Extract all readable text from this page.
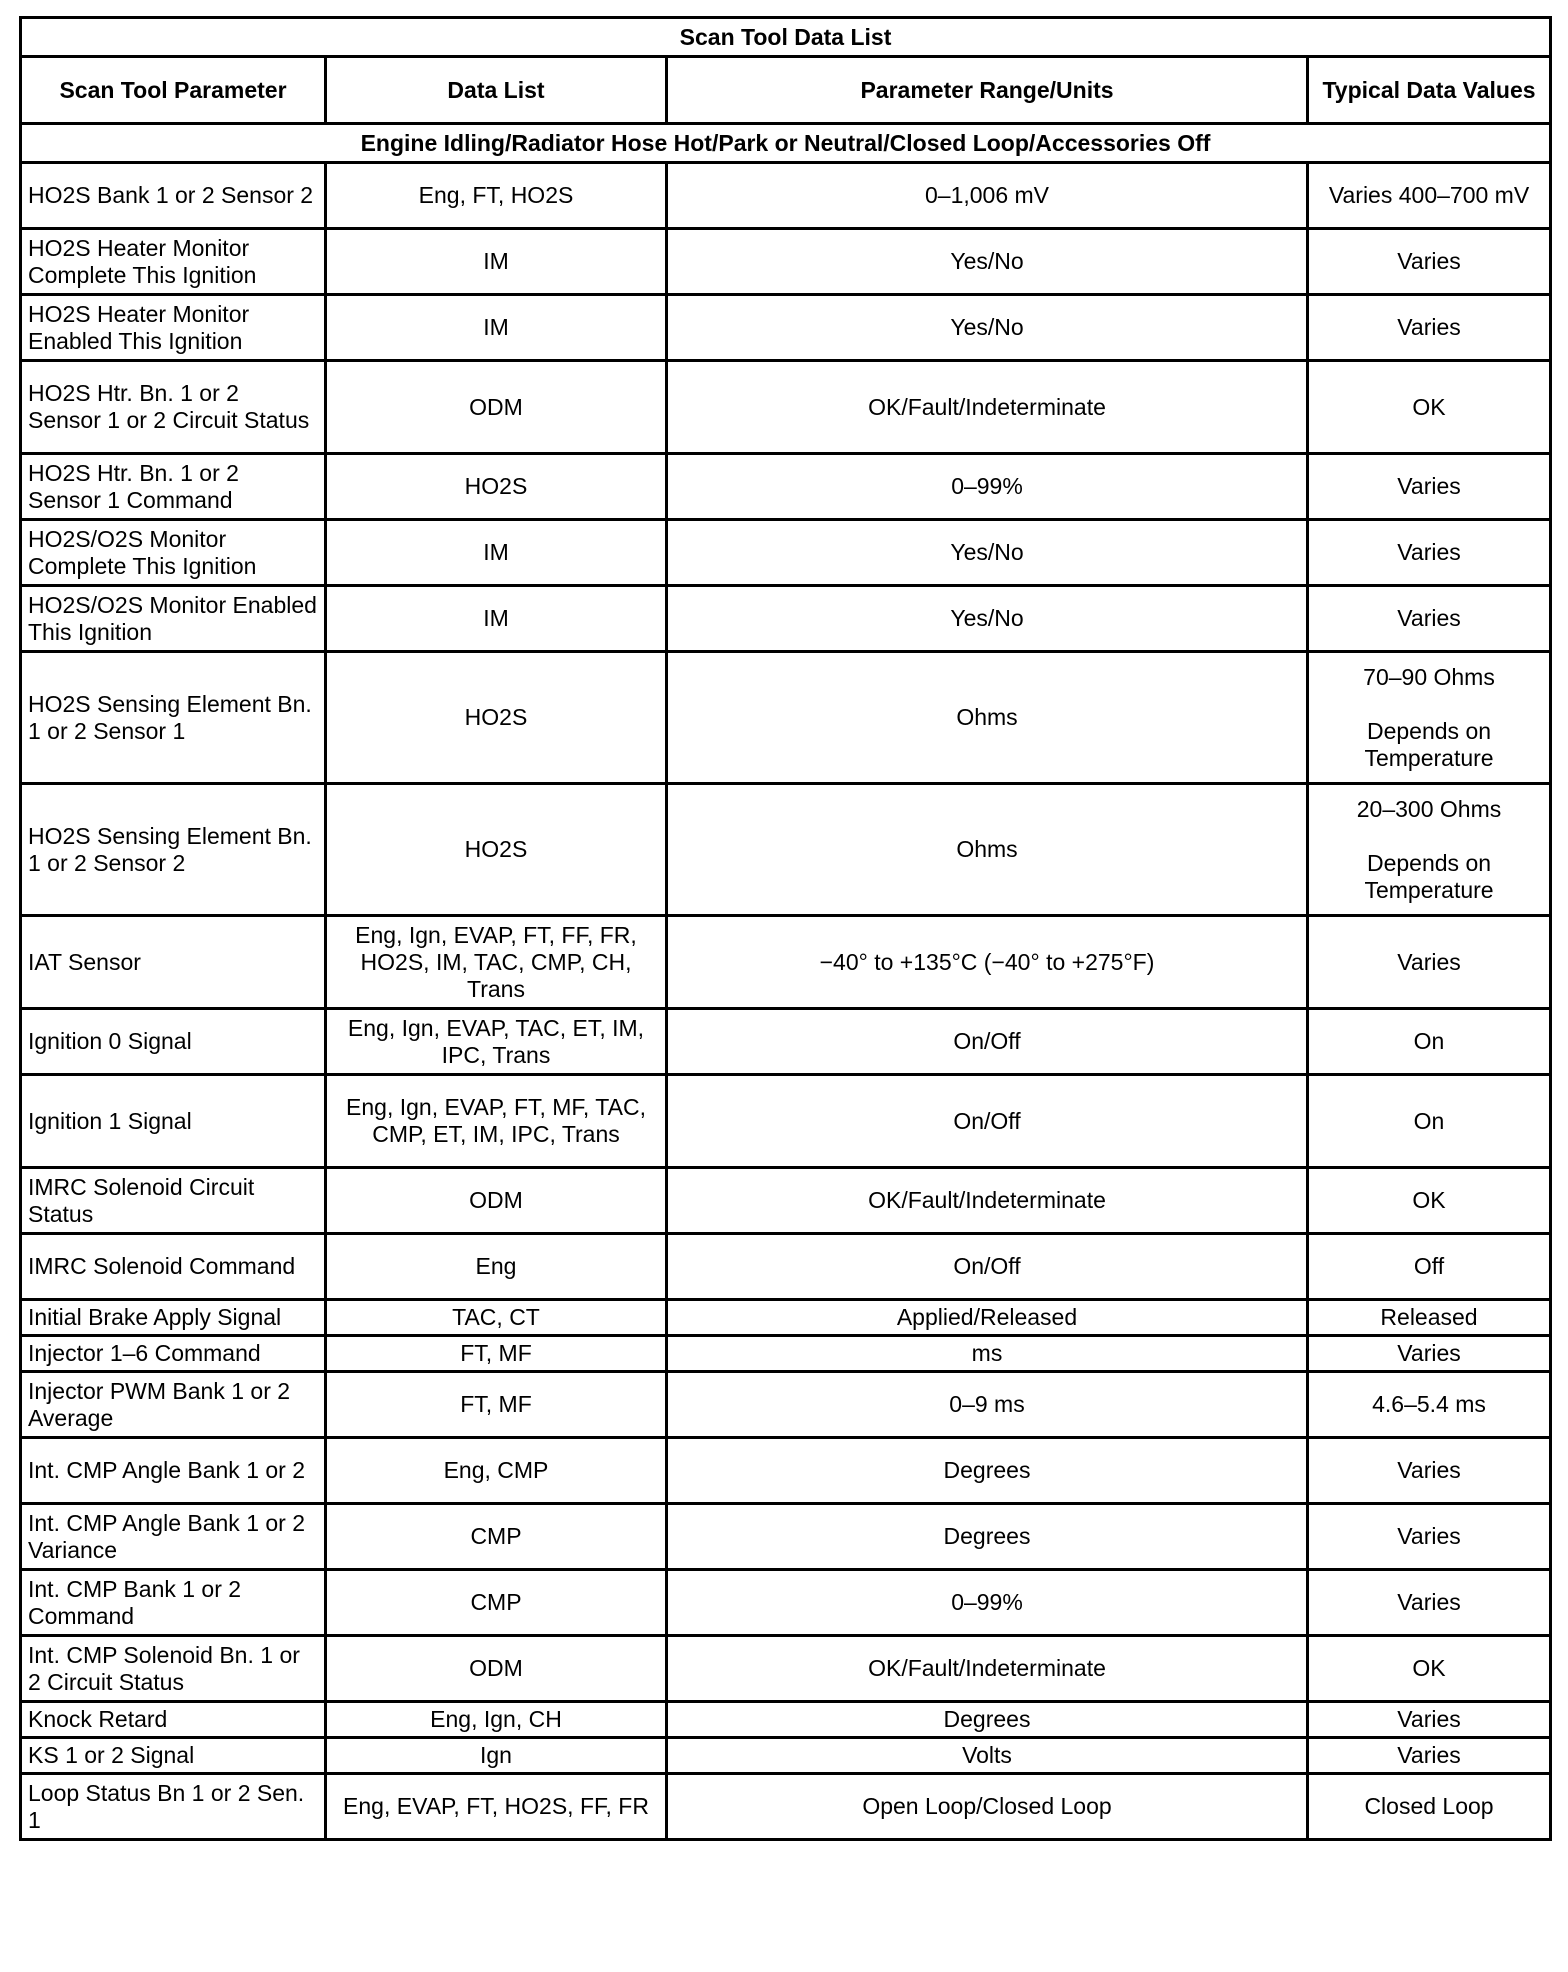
Scan Tool Data List			
Scan Tool Parameter	Data List	Parameter Range/Units	Typical Data Values
Engine Idling/Radiator Hose Hot/Park or Neutral/Closed Loop/Accessories Off			
HO2S Bank 1 or 2 Sensor 2	Eng, FT, HO2S	0–1,006 mV	Varies 400–700 mV

HO2S Heater Monitor Complete This Ignition	IM	Yes/No	Varies

HO2S Heater Monitor Enabled This Ignition	IM	Yes/No	Varies

HO2S Htr. Bn. 1 or 2 Sensor 1 or 2 Circuit Status	ODM	OK/Fault/Indeterminate	OK

HO2S Htr. Bn. 1 or 2 Sensor 1 Command	HO2S	0–99%	Varies

HO2S/O2S Monitor Complete This Ignition	IM	Yes/No	Varies

HO2S/O2S Monitor Enabled This Ignition	IM	Yes/No	Varies

HO2S Sensing Element Bn. 1 or 2 Sensor 1	HO2S	Ohms	70–90 Ohms
Depends on Temperature

HO2S Sensing Element Bn. 1 or 2 Sensor 2	HO2S	Ohms	20–300 Ohms
Depends on Temperature

IAT Sensor	Eng, Ign, EVAP, FT, FF, FR, HO2S, IM, TAC, CMP, CH, Trans	−40° to +135°C (−40° to +275°F)	Varies

Ignition 0 Signal	Eng, Ign, EVAP, TAC, ET, IM, IPC, Trans	On/Off	On

Ignition 1 Signal	Eng, Ign, EVAP, FT, MF, TAC, CMP, ET, IM, IPC, Trans	On/Off	On

IMRC Solenoid Circuit Status	ODM	OK/Fault/Indeterminate	OK

IMRC Solenoid Command	Eng	On/Off	Off

Initial Brake Apply Signal	TAC, CT	Applied/Released	Released

Injector 1–6 Command	FT, MF	ms	Varies

Injector PWM Bank 1 or 2 Average	FT, MF	0–9 ms	4.6–5.4 ms

Int. CMP Angle Bank 1 or 2	Eng, CMP	Degrees	Varies

Int. CMP Angle Bank 1 or 2 Variance	CMP	Degrees	Varies

Int. CMP Bank 1 or 2 Command	CMP	0–99%	Varies

Int. CMP Solenoid Bn. 1 or 2 Circuit Status	ODM	OK/Fault/Indeterminate	OK

Knock Retard	Eng, Ign, CH	Degrees	Varies

KS 1 or 2 Signal	Ign	Volts	Varies

Loop Status Bn 1 or 2 Sen. 1	Eng, EVAP, FT, HO2S, FF, FR	Open Loop/Closed Loop	Closed Loop
